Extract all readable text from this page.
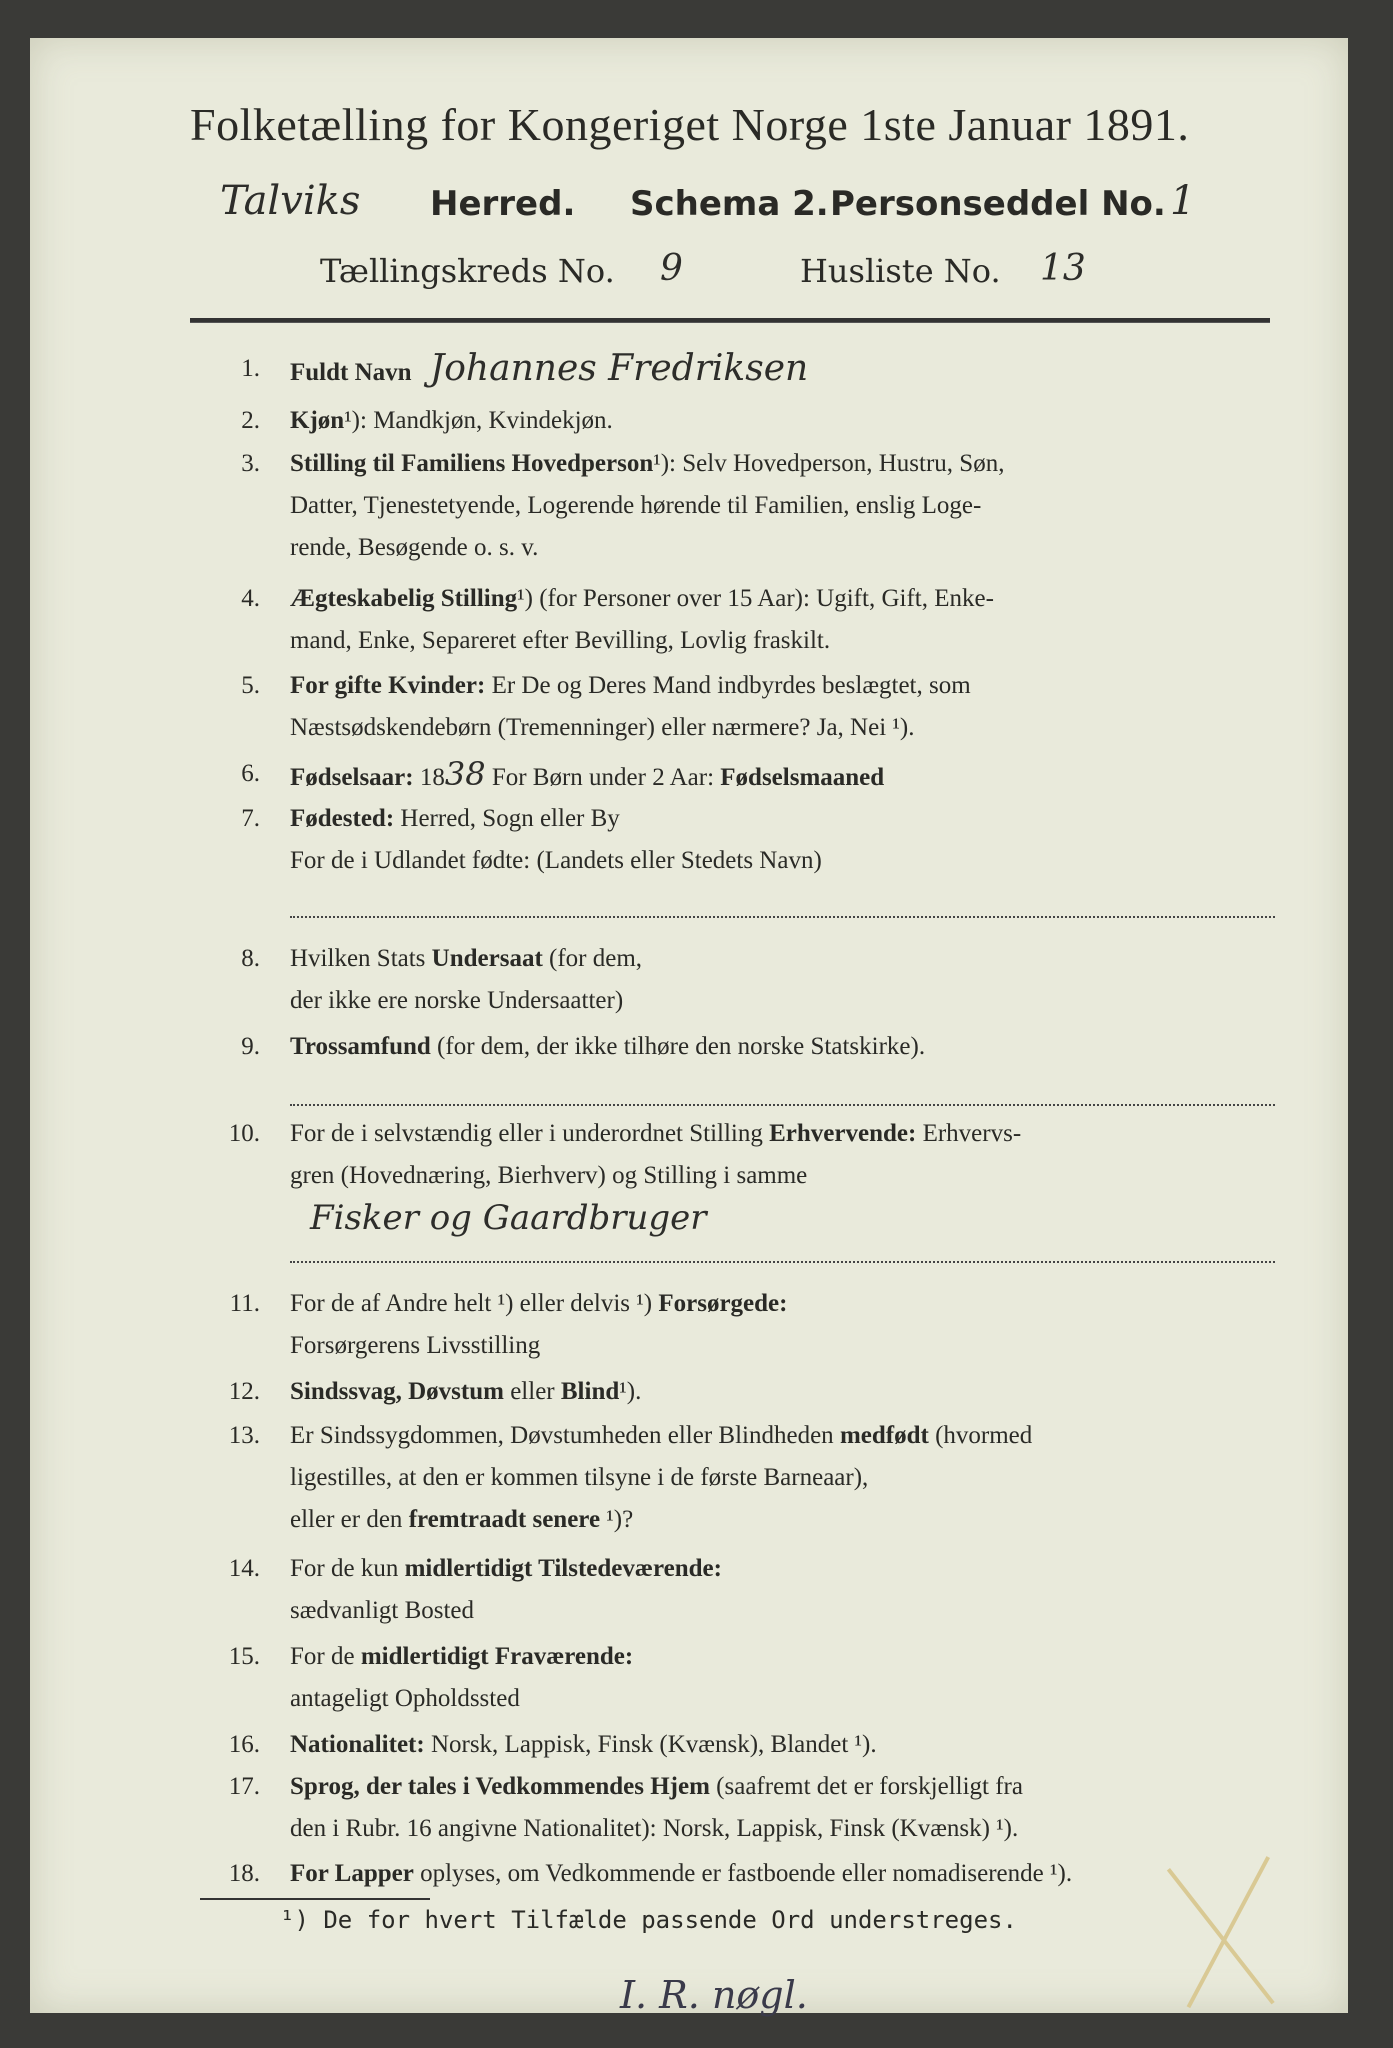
Folketælling for Kongeriget Norge 1ste Januar 1891.
Talviks Herred. Schema 2. Personseddel No. 1
Tællingskreds No. 9	Husliste No. 13
1. Fuldt Navn Johannes Fredriksen
2. Kjøn¹): Mandkjøn, Kvindekjøn.
3. Stilling til Familiens Hovedperson¹): Selv Hovedperson, Hustru, Søn,
Datter, Tjenestetyende, Logerende hørende til Familien, enslig Loge-
rende, Besøgende o. s. v.
4. Ægteskabelig Stilling¹) (for Personer over 15 Aar): Ugift, Gift, Enke-
mand, Enke, Separeret efter Bevilling, Lovlig fraskilt.
5. For gifte Kvinder: Er De og Deres Mand indbyrdes beslægtet, som
Næstsødskendebørn (Tremenninger) eller nærmere? Ja, Nei ¹).
6. Fødselsaar: 1838 For Børn under 2 Aar: Fødselsmaaned
7. Fødested: Herred, Sogn eller By
For de i Udlandet fødte: (Landets eller Stedets Navn)
8. Hvilken Stats Undersaat (for dem,
der ikke ere norske Undersaatter)
9. Trossamfund (for dem, der ikke tilhøre den norske Statskirke).
10. For de i selvstændig eller i underordnet Stilling Erhvervende: Erhvervs-
gren (Hovednæring, Bierhverv) og Stilling i samme
Fisker og Gaardbruger
11. For de af Andre helt ¹) eller delvis ¹) Forsørgede:
Forsørgerens Livsstilling
12. Sindssvag, Døvstum eller Blind¹).
13. Er Sindssygdommen, Døvstumheden eller Blindheden medfødt (hvormed
ligestilles, at den er kommen tilsyne i de første Barneaar),
eller er den fremtraadt senere ¹)?
14. For de kun midlertidigt Tilstedeværende:
sædvanligt Bosted
15. For de midlertidigt Fraværende:
antageligt Opholdssted
16. Nationalitet: Norsk, Lappisk, Finsk (Kvænsk), Blandet ¹).
17. Sprog, der tales i Vedkommendes Hjem (saafremt det er forskjelligt fra
den i Rubr. 16 angivne Nationalitet): Norsk, Lappisk, Finsk (Kvænsk) ¹).
18. For Lapper oplyses, om Vedkommende er fastboende eller nomadiserende ¹).
¹) De for hvert Tilfælde passende Ord understreges.
I. R. nøgl.
